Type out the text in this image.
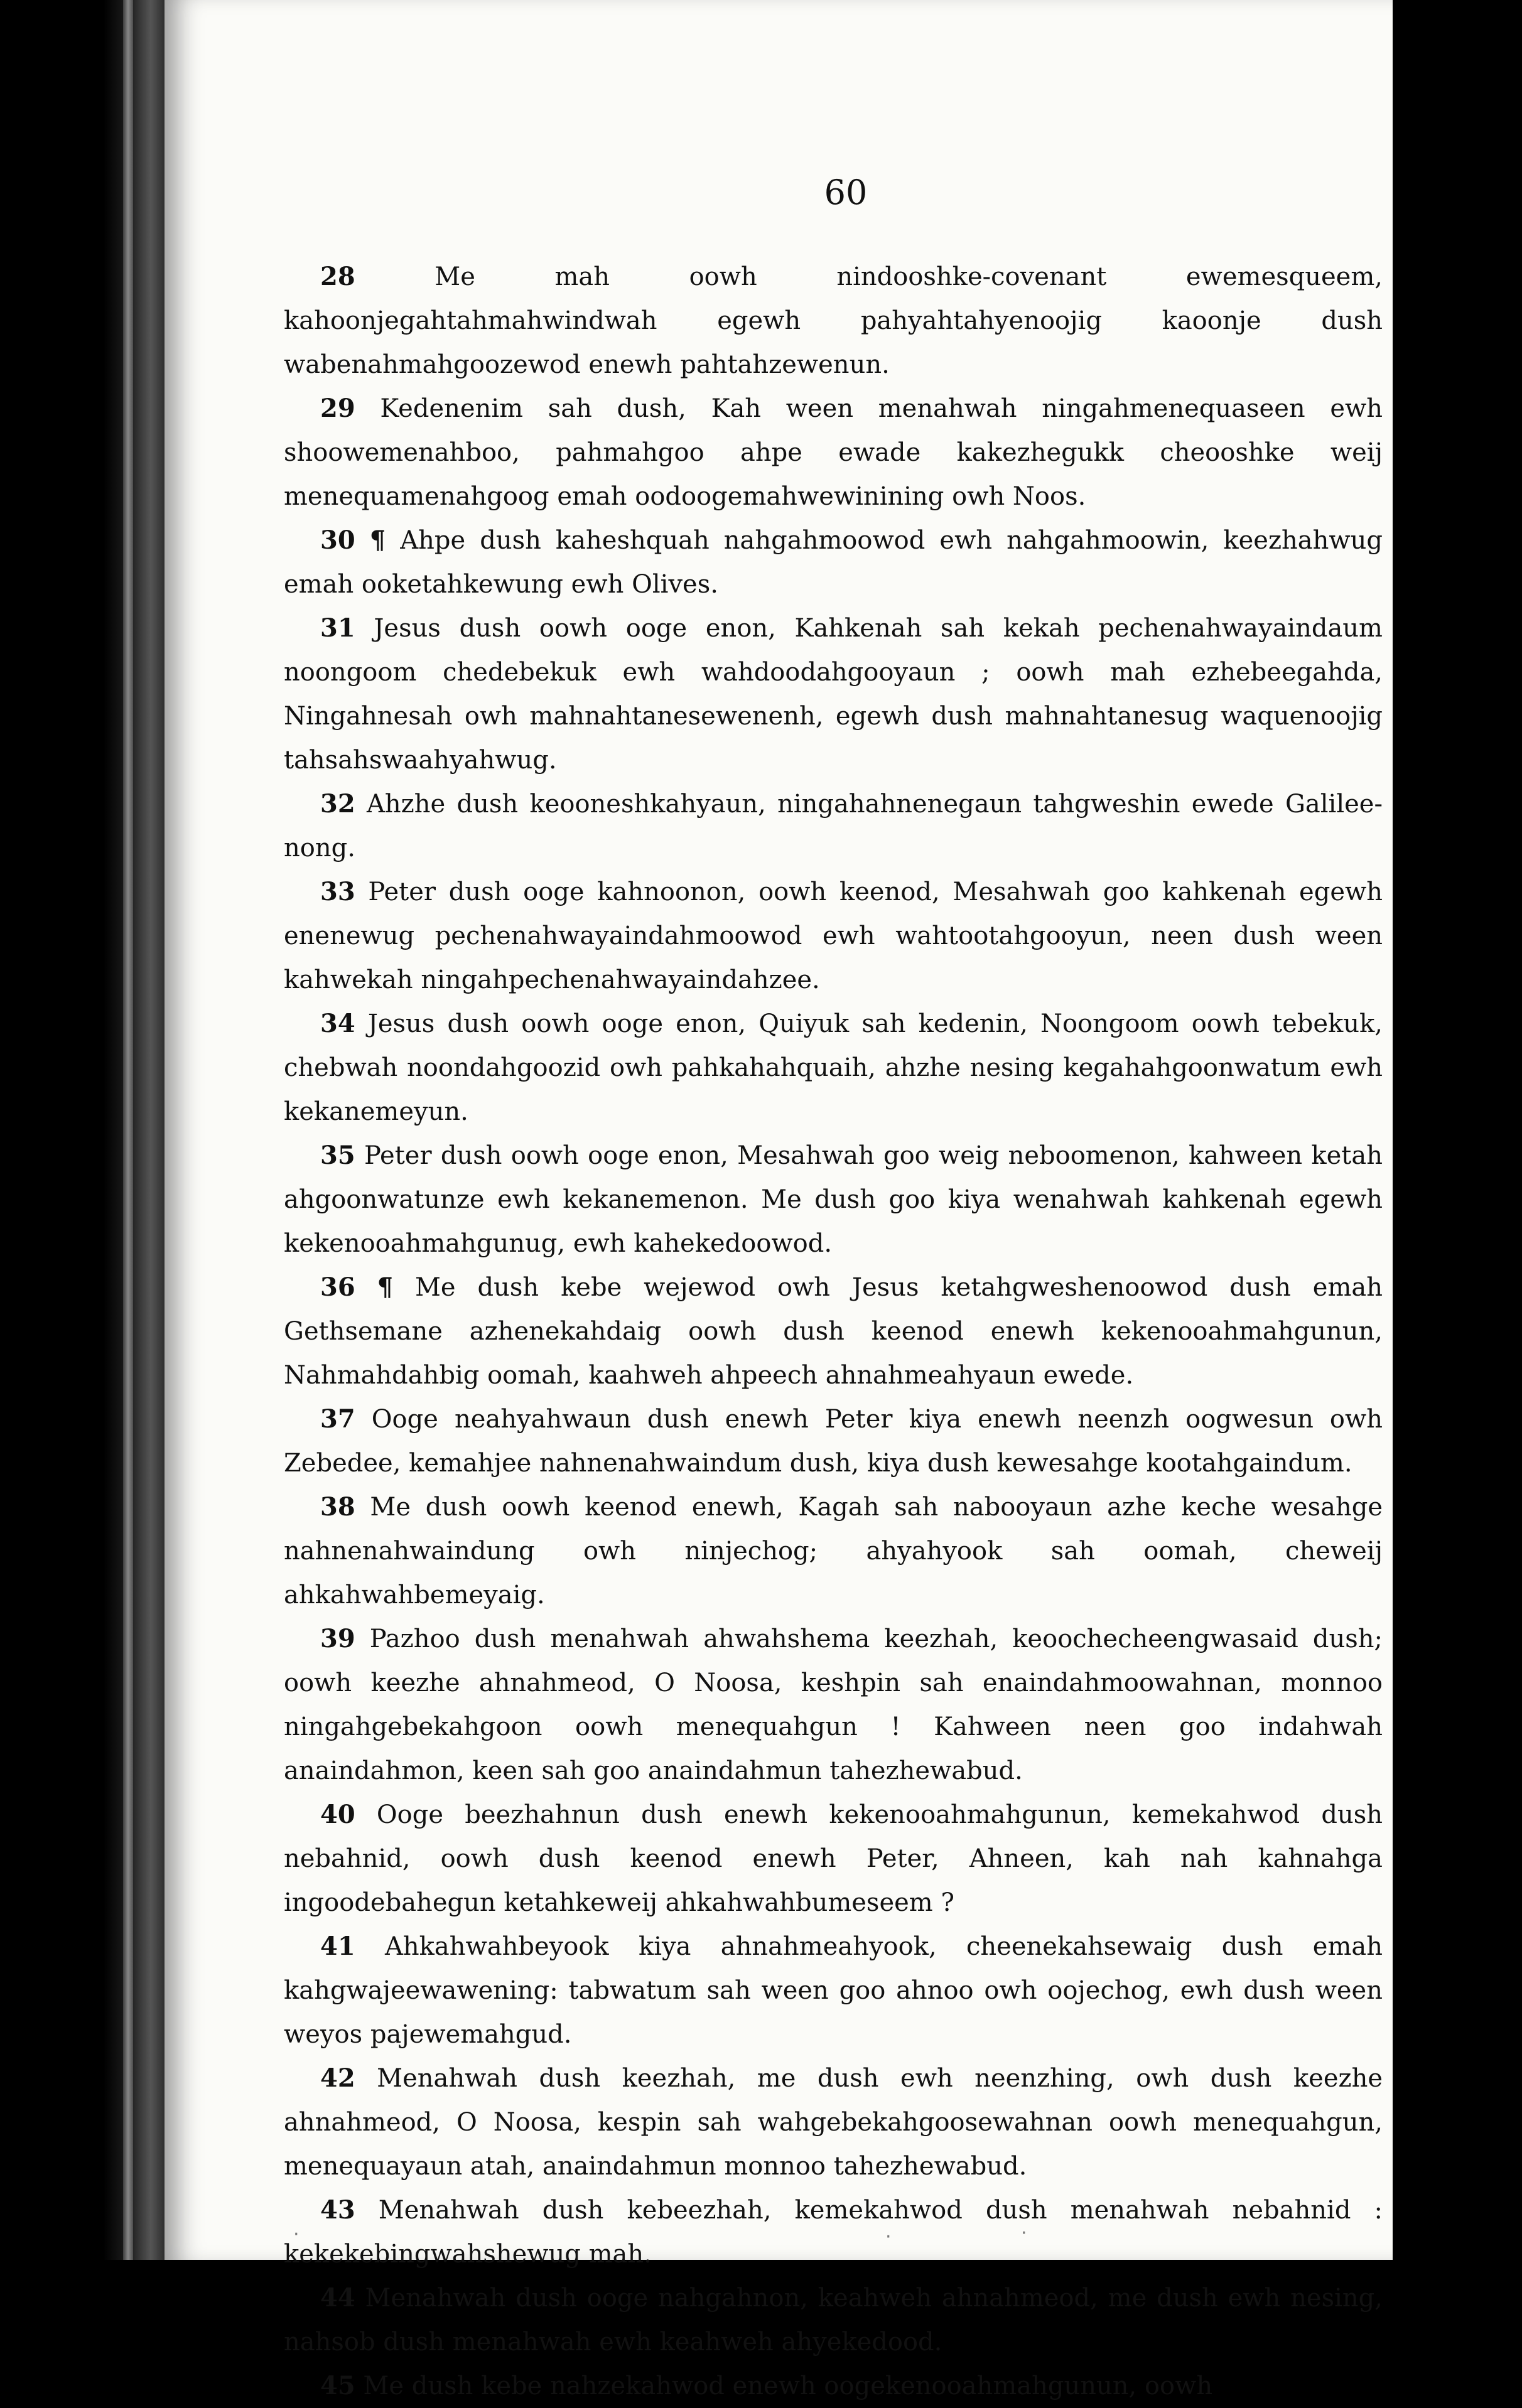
60

28	Me mah oowh nindooshke-covenant ewemesqueem, kahoonjegahtahmahwindwah egewh pahyahtahyenoojig kaoonje dush wabenahmahgoozewod enewh pahtahzewenun.

29 Kedenenim sah dush, Kah ween menahwah ningahmenequaseen ewh shoowemenahboo, pahmahgoo ahpe ewade kakezhegukk cheooshke weij menequamenahgoog emah oodoogemahwewinining owh Noos.

30 ¶ Ahpe dush kaheshquah nahgahmoowod ewh nahgahmoowin, keezhahwug emah ooketahkewung ewh Olives.

31 Jesus dush oowh ooge enon, Kahkenah sah kekah pechenahwayaindaum noongoom chedebekuk ewh wahdoodahgooyaun ; oowh mah ezhebeegahda, Ningahnesah owh mahnahtanesewenenh, egewh dush mahnahtanesug waquenoojig tahsahswaahyahwug.

32 Ahzhe dush keooneshkahyaun, ningahahnenegaun tahgweshin ewede Galilee-nong.

33 Peter dush ooge kahnoonon, oowh keenod, Mesahwah goo kahkenah egewh enenewug pechenahwayaindahmoowod ewh wahtootahgooyun, neen dush ween kahwekah ningahpechenahwayaindahzee.

34 Jesus dush oowh ooge enon, Quiyuk sah kedenin, Noongoom oowh tebekuk, chebwah noondahgoozid owh pahkahahquaih, ahzhe nesing kegahahgoonwatum ewh kekanemeyun.

35 Peter dush oowh ooge enon, Mesahwah goo weig neboomenon, kahween ketah ahgoonwatunze ewh kekanemenon. Me dush goo kiya wenahwah kahkenah egewh kekenooahmahgunug, ewh kahekedoowod.

36 ¶ Me dush kebe wejewod owh Jesus ketahgweshenoowod dush emah Gethsemane azhenekahdaig oowh dush keenod enewh kekenooahmahgunun, Nahmahdahbig oomah, kaahweh ahpeech ahnahmeahyaun ewede.

37 Ooge neahyahwaun dush enewh Peter kiya enewh neenzh oogwesun owh Zebedee, kemahjee nahnenahwaindum dush, kiya dush kewesahge kootahgaindum.

38 Me dush oowh keenod enewh, Kagah sah nabooyaun azhe keche wesahge nahnenahwaindung owh ninjechog; ahyahyook sah oomah, cheweij ahkahwahbemeyaig.

39 Pazhoo dush menahwah ahwahshema keezhah, keoochecheengwasaid dush; oowh keezhe ahnahmeod, O Noosa, keshpin sah enaindahmoowahnan, monnoo ningahgebekahgoon oowh menequahgun ! Kahween neen goo indahwah anaindahmon, keen sah goo anaindahmun tahezhewabud.

40 Ooge beezhahnun dush enewh kekenooahmahgunun, kemekahwod dush nebahnid, oowh dush keenod enewh Peter, Ahneen, kah nah kahnahga ingoodebahegun ketahkeweij ahkahwahbumeseem ?

41 Ahkahwahbeyook kiya ahnahmeahyook, cheenekahsewaig dush emah kahgwajeewawening: tabwatum sah ween goo ahnoo owh oojechog, ewh dush ween weyos pajewemahgud.

42 Menahwah dush keezhah, me dush ewh neenzhing, owh dush keezhe ahnahmeod, O Noosa, kespin sah wahgebekahgoosewahnan oowh menequahgun, menequayaun atah, anaindahmun monnoo tahezhewabud.

43 Menahwah dush kebeezhah, kemekahwod dush menahwah nebahnid : kekekebingwahshewug mah.

44 Menahwah dush ooge nahgahnon, keahweh ahnahmeod, me dush ewh nesing, nahsob dush menahwah ewh keahweh ahyekedood.

45 Me dush kebe nahzekahwod enewh oogekenooahmahgunun, oowh

·	·	·
